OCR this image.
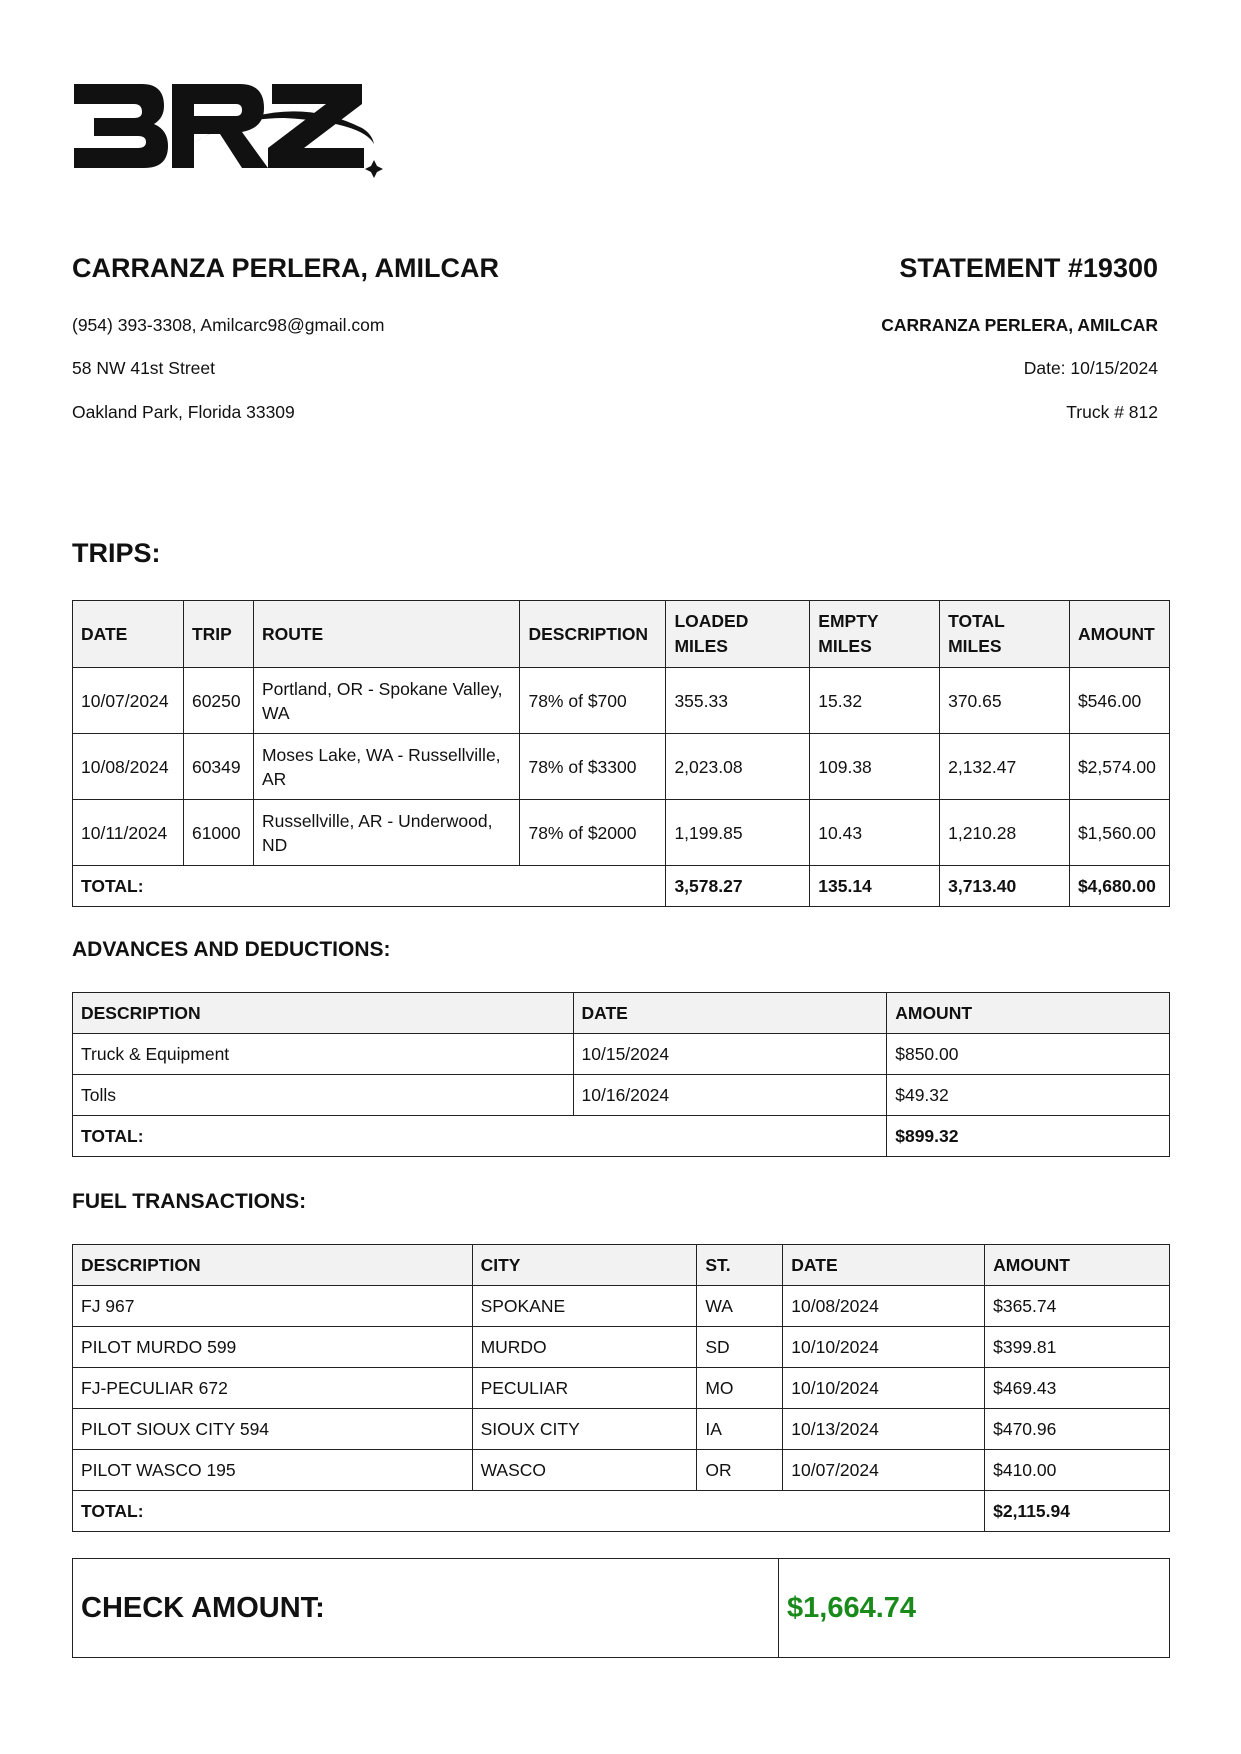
CARRANZA PERLERA, AMILCAR
(954) 393-3308, Amilcarc98@gmail.com
58 NW 41st Street
Oakland Park, Florida 33309
STATEMENT #19300
CARRANZA PERLERA, AMILCAR
Date: 10/15/2024
Truck # 812
TRIPS:
DATE	TRIP	ROUTE	DESCRIPTION	LOADED MILES	EMPTY MILES	TOTAL MILES	AMOUNT
10/07/2024	60250	Portland, OR - Spokane Valley, WA	78% of $700	355.33	15.32	370.65	$546.00
10/08/2024	60349	Moses Lake, WA - Russellville, AR	78% of $3300	2,023.08	109.38	2,132.47	$2,574.00
10/11/2024	61000	Russellville, AR - Underwood, ND	78% of $2000	1,199.85	10.43	1,210.28	$1,560.00
TOTAL:				3,578.27	135.14	3,713.40	$4,680.00
ADVANCES AND DEDUCTIONS:
DESCRIPTION	DATE	AMOUNT
Truck & Equipment	10/15/2024	$850.00
Tolls	10/16/2024	$49.32
TOTAL:		$899.32
FUEL TRANSACTIONS:
DESCRIPTION	CITY	ST.	DATE	AMOUNT
FJ 967	SPOKANE	WA	10/08/2024	$365.74
PILOT MURDO 599	MURDO	SD	10/10/2024	$399.81
FJ-PECULIAR 672	PECULIAR	MO	10/10/2024	$469.43
PILOT SIOUX CITY 594	SIOUX CITY	IA	10/13/2024	$470.96
PILOT WASCO 195	WASCO	OR	10/07/2024	$410.00
TOTAL:				$2,115.94
CHECK AMOUNT:	$1,664.74
